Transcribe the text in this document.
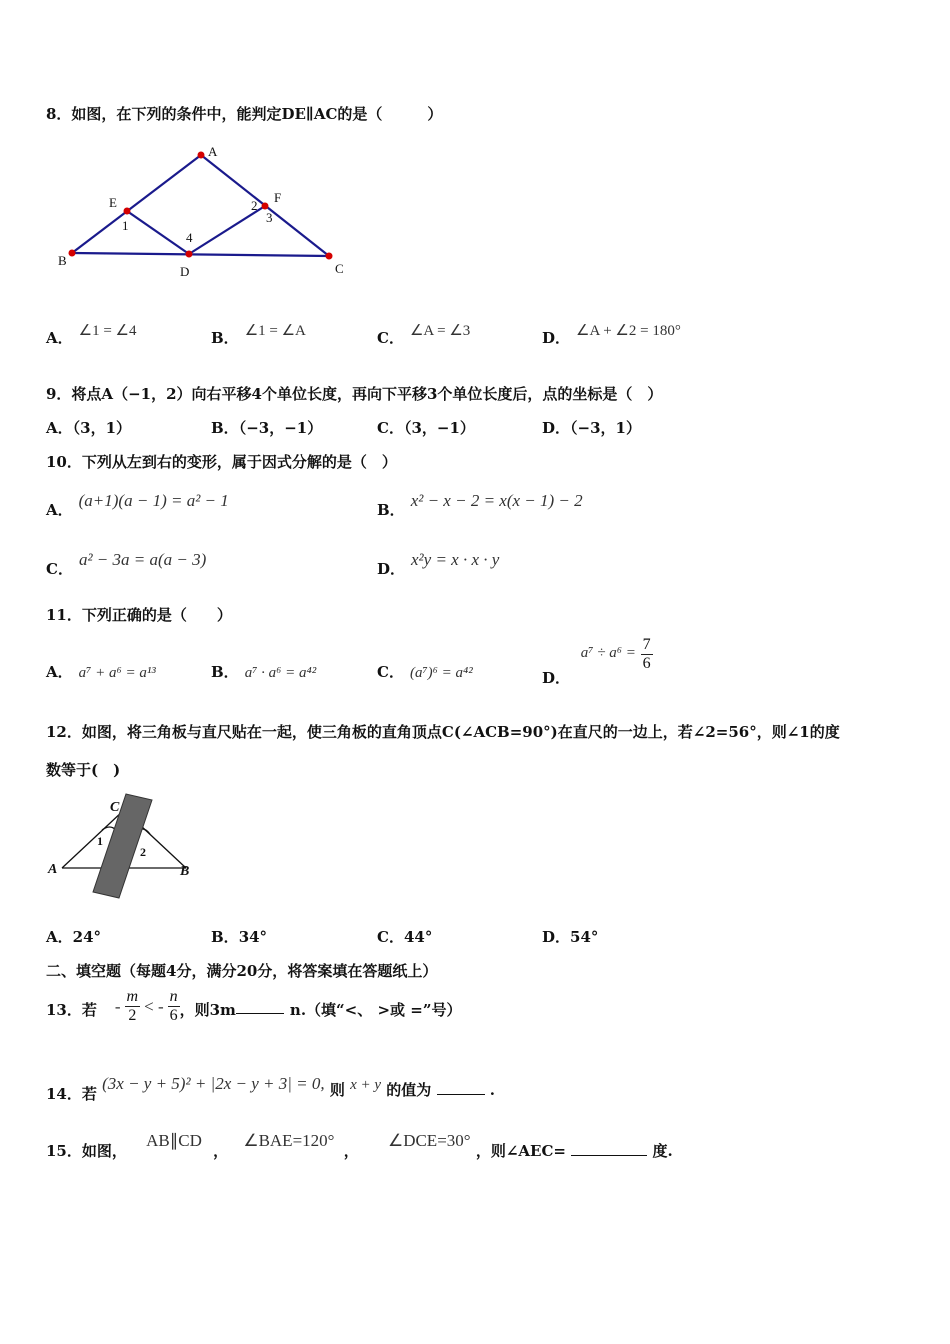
8．如图，在下列的条件中，能判定DE∥AC的是（　　　）
A
B
C
D
E	F
1
2
3
4
A． ∠1 = ∠4	B． ∠1 = ∠A	C． ∠A = ∠3	D． ∠A + ∠2 = 180°
9．将点A（−1，2）向右平移4个单位长度，再向下平移3个单位长度后，点的坐标是（　）
A．（3，1）	B．（−3，−1）	C．（3，−1）	D．（−3，1）
10．下列从左到右的变形，属于因式分解的是（　）
A． (a+1)(a − 1) = a² − 1	B． x² − x − 2 = x(x − 1) − 2
C． a² − 3a = a(a − 3)	D． x²y = x · x · y
11．下列正确的是（　　）
A． a⁷ + a⁶ = a¹³	B． a⁷ · a⁶ = a⁴²	C． (a⁷)⁶ = a⁴²	D． $a^7 \div a^6 = \frac{7}{6}$
12．如图，将三角板与直尺贴在一起，使三角板的直角顶点C(∠ACB=90°)在直尺的一边上，若∠2=56°，则∠1的度
数等于(　)
C
A	B
1
2
A．24°	B．34°	C．44°	D．54°
二、填空题（每题4分，满分20分，将答案填在答题纸上）
13．若 - $\frac{m}{2}$ < - $\frac{n}{6}$ ，则3m	n.（填“<、 >或 =”号）
14．若 (3x − y + 5)² + |2x − y + 3| = 0, 则 x + y 的值为	.
15．如图， AB∥CD ， ∠BAE=120° ， ∠DCE=30° ，则∠AEC=	度.
